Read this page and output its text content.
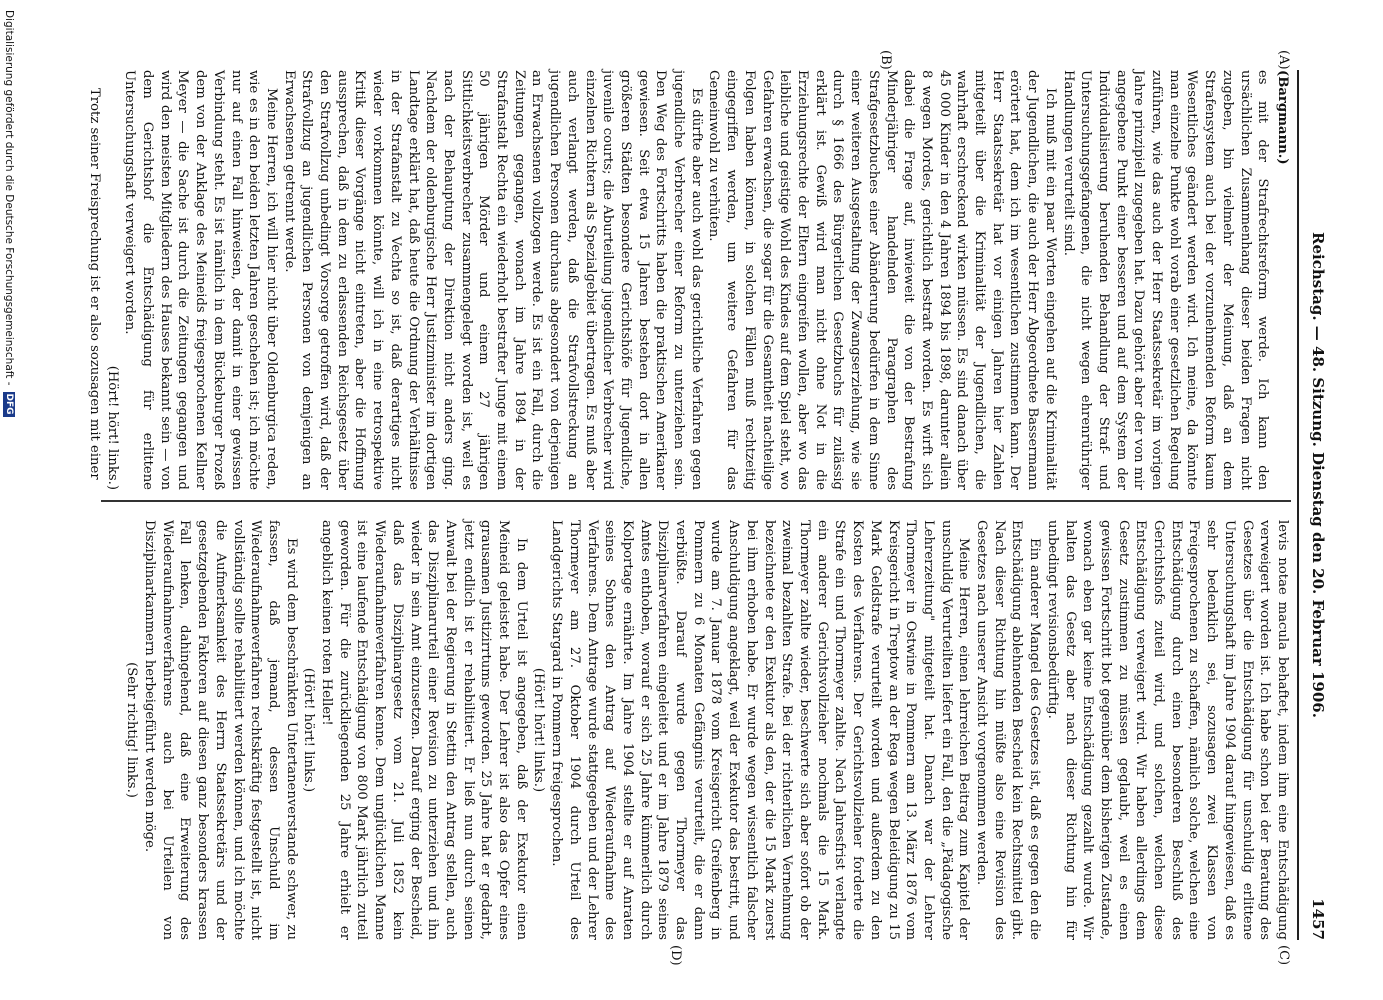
Reichstag. — 48. Sitzung. Dienstag den 20. Februar 1906.
1457
(A)
(B)
(C)
(D)

(Bargmann.)

es mit der Strafrechtsreform werde. Ich kann den ursächlichen Zusammenhang dieser beiden Fragen nicht zugeben, bin vielmehr der Meinung, daß an dem Strafensystem auch bei der vorzunehmenden Reform kaum Wesentliches geändert werden wird. Ich meine, da könnte man einzelne Punkte wohl vorab einer gesetzlichen Regelung zuführen, wie das auch der Herr Staatssekretär im vorigen Jahre prinzipiell zugegeben hat. Dazu gehört aber der von mir angegebene Punkt einer besseren und auf dem System der Individualisierung beruhenden Behandlung der Straf- und Untersuchungsgefangenen, die nicht wegen ehrenrühriger Handlungen verurteilt sind.

Ich muß mit ein paar Worten eingehen auf die Kriminalität der Jugendlichen, die auch der Herr Abgeordnete Bassermann erörtert hat, dem ich im wesentlichen zustimmen kann. Der Herr Staatssekretär hat vor einigen Jahren hier Zahlen mitgeteilt über die Kriminalität der Jugendlichen, die wahrhaft erschreckend wirken müssen. Es sind danach über 45 000 Kinder in den 4 Jahren 1894 bis 1898, darunter allein 8 wegen Mordes, gerichtlich bestraft worden. Es wirft sich dabei die Frage auf, inwieweit die von der Bestrafung Minderjähriger handelnden Paragraphen des Strafgesetzbuches einer Abänderung bedürfen in dem Sinne einer weiteren Ausgestaltung der Zwangserziehung, wie sie durch § 1666 des Bürgerlichen Gesetzbuchs für zulässig erklärt ist. Gewiß wird man nicht ohne Not in die Erziehungsrechte der Eltern eingreifen wollen, aber wo das leibliche und geistige Wohl des Kindes auf dem Spiel steht, wo Gefahren erwachsen, die sogar für die Gesamtheit nachteilige Folgen haben können, in solchen Fällen muß rechtzeitig eingegriffen werden, um weitere Gefahren für das Gemeinwohl zu verhüten.

Es dürfte aber auch wohl das gerichtliche Verfahren gegen jugendliche Verbrecher einer Reform zu unterziehen sein. Den Weg des Fortschritts haben die praktischen Amerikaner gewiesen. Seit etwa 15 Jahren bestehen dort in allen größeren Städten besondere Gerichtshöfe für Jugendliche, juvenile courts; die Aburteilung jugendlicher Verbrecher wird einzelnen Richtern als Spezialgebiet übertragen. Es muß aber auch verlangt werden, daß die Strafvollstreckung an jugendlichen Personen durchaus abgesondert von derjenigen an Erwachsenen vollzogen werde. Es ist ein Fall, durch die Zeitungen gegangen, wonach im Jahre 1894 in der Strafanstalt Rechta ein wiederholt bestrafter Junge mit einem 50 jährigen Mörder und einem 27 jährigen Sittlichkeitsverbrecher zusammengelegt worden ist, weil es nach der Behauptung der Direktion nicht anders ging. Nachdem der oldenburgische Herr Justizminister im dortigen Landtage erklärt hat, daß heute die Ordnung der Verhältnisse in der Strafanstalt zu Vechta so ist, daß derartiges nicht wieder vorkommen könnte, will ich in eine retrospektive Kritik dieser Vorgänge nicht eintreten, aber die Hoffnung aussprechen, daß in dem zu erlassenden Reichsgesetz über den Strafvollzug unbedingt Vorsorge getroffen wird, daß der Strafvollzug an jugendlichen Personen von demjenigen an Erwachsenen getrennt werde.

Meine Herren, ich will hier nicht über Oldenburgica reden, wie es in den beiden letzten Jahren geschehen ist; ich möchte nur auf einen Fall hinweisen, der damit in einer gewissen Verbindung steht. Es ist nämlich in dem Bückeburger Prozeß dem von der Anklage des Meineids freigesprochenen Kellner Meyer — die Sache ist durch die Zeitungen gegangen und wird den meisten Mitgliedern des Hauses bekannt sein — von dem Gerichtshof die Entschädigung für erlittene Untersuchungshaft verweigert worden.

(Hört! hört! links.)

Trotz seiner Freisprechung ist er also sozusagen mit einer

levis notae macula behaftet, indem ihm eine Entschädigung verweigert worden ist. Ich habe schon bei der Beratung des Gesetzes über die Entschädigung für unschuldig erlittene Untersuchungshaft im Jahre 1904 darauf hingewiesen, daß es sehr bedenklich sei, sozusagen zwei Klassen von Freigesprochenen zu schaffen, nämlich solche, welchen eine Entschädigung durch einen besonderen Beschluß des Gerichtshofs zuteil wird, und solchen, welchen diese Entschädigung verweigert wird. Wir haben allerdings dem Gesetz zustimmen zu müssen geglaubt, weil es einen gewissen Fortschritt bot gegenüber dem bisherigen Zustande, wonach eben gar keine Entschädigung gezahlt wurde. Wir halten das Gesetz aber nach dieser Richtung hin für unbedingt revisionsbedürftig.

Ein anderer Mangel des Gesetzes ist, daß es gegen den die Entschädigung ablehnenden Bescheid kein Rechtsmittel gibt. Nach dieser Richtung hin müßte also eine Revision des Gesetzes nach unserer Ansicht vorgenommen werden.

Meine Herren, einen lehrreichen Beitrag zum Kapitel der unschuldig Verurteilten liefert ein Fall, den die „Pädagogische Lehrerzeitung" mitgeteilt hat. Danach war der Lehrer Thormeyer in Ostwine in Pommern am 13. März 1876 vom Kreisgericht in Treptow an der Rega wegen Beleidigung zu 15 Mark Geldstrafe verurteilt worden und außerdem zu den Kosten des Verfahrens. Der Gerichtsvollzieher forderte die Strafe ein und Thormeyer zahlte. Nach Jahresfrist verlangte ein anderer Gerichtsvollzieher nochmals die 15 Mark. Thormeyer zahlte wieder, beschwerte sich aber sofort ob der zweimal bezahlten Strafe. Bei der richterlichen Vernehmung bezeichnete er den Exekutor als den, der die 15 Mark zuerst bei ihm erhoben habe. Er wurde wegen wissentlich falscher Anschuldigung angeklagt, weil der Exekutor das bestritt, und wurde am 7. Januar 1878 vom Kreisgericht Greifenberg in Pommern zu 6 Monaten Gefängnis verurteilt, die er dann verbüßte. Darauf wurde gegen Thormeyer das Disziplinarverfahren eingeleitet und er im Jahre 1879 seines Amtes enthoben, worauf er sich 25 Jahre kümmerlich durch Kolportage ernährte. Im Jahre 1904 stellte er auf Anraten seines Sohnes den Antrag auf Wiederaufnahme des Verfahrens. Dem Antrage wurde stattgegeben und der Lehrer Thormeyer am 27. Oktober 1904 durch Urteil des Landgerichts Stargard in Pommern freigesprochen.

(Hört! hört! links.)

In dem Urteil ist angegeben, daß der Exekutor einen Meineid geleistet habe. Der Lehrer ist also das Opfer eines grausamen Justizirrtums geworden. 25 Jahre hat er gedarbt, jetzt endlich ist er rehabilitiert. Er ließ nun durch seinen Anwalt bei der Regierung in Stettin den Antrag stellen, auch das Disziplinarurteil einer Revision zu unterziehen und ihn wieder in sein Amt einzusetzen. Darauf erging der Bescheid, daß das Disziplinargesetz vom 21. Juli 1852 kein Wiederaufnahmeverfahren kenne. Dem unglücklichen Manne ist eine laufende Entschädigung von 800 Mark jährlich zuteil geworden. Für die zurückliegenden 25 Jahre erhielt er angeblich keinen roten Heller!

(Hört! hört! links.)

Es wird dem beschränkten Untertanenverstande schwer, zu fassen, daß jemand, dessen Unschuld im Wiederaufnahmeverfahren rechtskräftig festgestellt ist, nicht vollständig sollte rehabilitiert werden können, und ich möchte die Aufmerksamkeit des Herrn Staatssekretärs und der gesetzgebenden Faktoren auf diesen ganz besonders krassen Fall lenken, dahingehend, daß eine Erweiterung des Wiederaufnahmeverfahrens auch bei Urteilen von Disziplinarkammern herbeigeführt werden möge.

(Sehr richtig! links.)

Digitalisierung gefördert durch die Deutsche Forschungsgemeinschaft -
DFG
